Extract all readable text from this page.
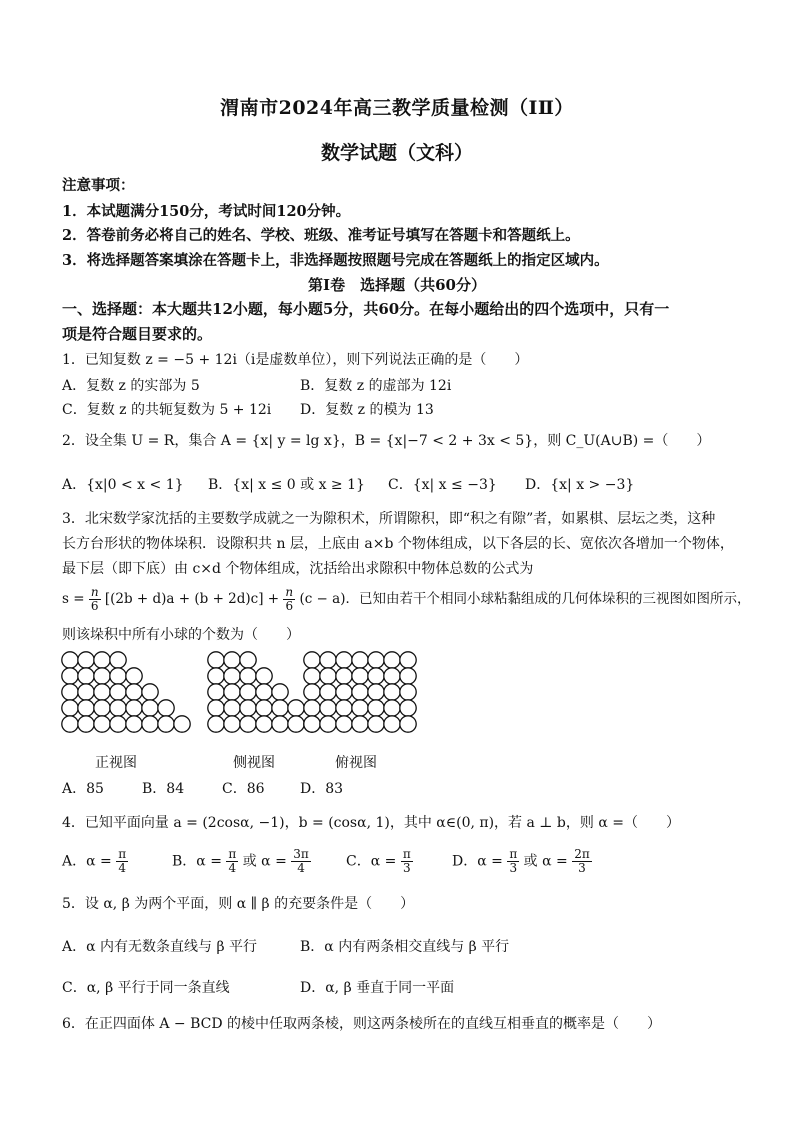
渭南市2024年高三教学质量检测（IⅡ）
数学试题（文科）
注意事项：
1．本试题满分150分，考试时间120分钟。
2．答卷前务必将自己的姓名、学校、班级、准考证号填写在答题卡和答题纸上。
3．将选择题答案填涂在答题卡上，非选择题按照题号完成在答题纸上的指定区域内。
第Ⅰ卷　选择题（共60分）
一、选择题：本大题共12小题，每小题5分，共60分。在每小题给出的四个选项中，只有一
项是符合题目要求的。
1．已知复数 z = −5 + 12i（i是虚数单位），则下列说法正确的是（　　）
A．复数 z 的实部为 5	B．复数 z 的虚部为 12i
C．复数 z 的共轭复数为 5 + 12i D．复数 z 的模为 13
2．设全集 U = R，集合 A = {x| y = lg x}，B = {x|−7 < 2 + 3x < 5}，则 C_U(A∪B) =（　　）
A．{x|0 < x < 1} B．{x| x ≤ 0 或 x ≥ 1} C．{x| x ≤ −3} D．{x| x > −3}
3．北宋数学家沈括的主要数学成就之一为隙积术，所谓隙积，即“积之有隙”者，如累棋、层坛之类，这种
长方台形状的物体垛积．设隙积共 n 层，上底由 a×b 个物体组成，以下各层的长、宽依次各增加一个物体，
最下层（即下底）由 c×d 个物体组成，沈括给出求隙积中物体总数的公式为
$s = \frac{n}{6} [(2b + d)a + (b + 2d)c] + \frac{n}{6} (c - a)$．已知由若干个相同小球粘黏组成的几何体垛积的三视图如图所示，
则该垛积中所有小球的个数为（　　）
正视图	侧视图	俯视图
A．85	B．84	C．86	D．83
4．已知平面向量 a = (2cosα, −1)，b = (cosα, 1)，其中 α∈(0, π)，若 a ⊥ b，则 α =（　　）
A．$\alpha = \frac{\pi}{4}$	B．$\alpha = \frac{\pi}{4}$ 或 $\alpha = \frac{3\pi}{4}$	C．$\alpha = \frac{\pi}{3}$	D．$\alpha = \frac{\pi}{3}$ 或 $\alpha = \frac{2\pi}{3}$
5．设 α, β 为两个平面，则 α ∥ β 的充要条件是（　　）
A．α 内有无数条直线与 β 平行	B．α 内有两条相交直线与 β 平行
C．α, β 平行于同一条直线	D．α, β 垂直于同一平面
6．在正四面体 A − BCD 的棱中任取两条棱，则这两条棱所在的直线互相垂直的概率是（　　）
